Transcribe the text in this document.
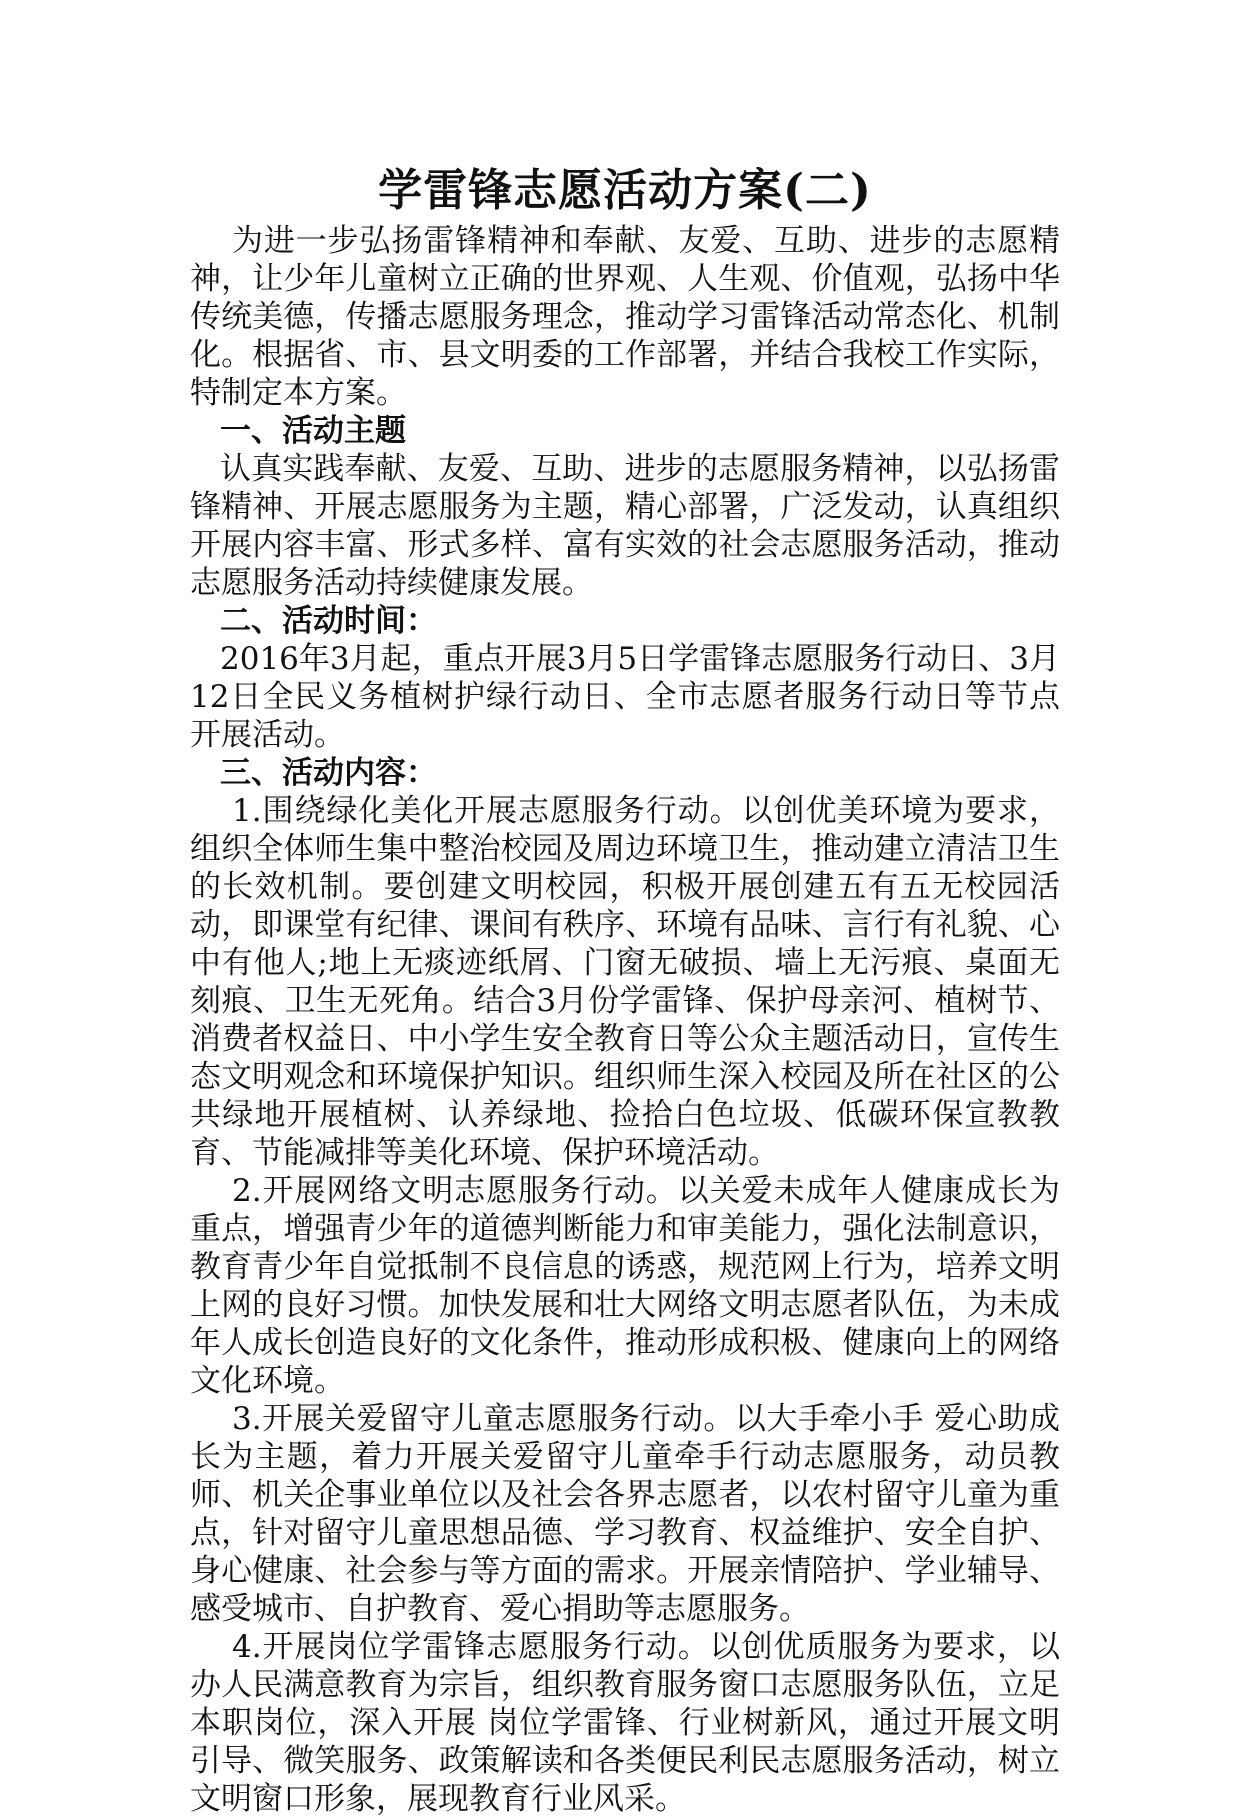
学雷锋志愿活动方案(二)

为进一步弘扬雷锋精神和奉献、友爱、互助、进步的志愿精神，让少年儿童树立正确的世界观、人生观、价值观，弘扬中华传统美德，传播志愿服务理念，推动学习雷锋活动常态化、机制化。根据省、市、县文明委的工作部署，并结合我校工作实际，特制定本方案。

一、活动主题

认真实践奉献、友爱、互助、进步的志愿服务精神，以弘扬雷锋精神、开展志愿服务为主题，精心部署，广泛发动，认真组织开展内容丰富、形式多样、富有实效的社会志愿服务活动，推动志愿服务活动持续健康发展。

二、活动时间：

2016年3月起，重点开展3月5日学雷锋志愿服务行动日、3月12日全民义务植树护绿行动日、全市志愿者服务行动日等节点开展活动。

三、活动内容：

1.围绕绿化美化开展志愿服务行动。以创优美环境为要求，组织全体师生集中整治校园及周边环境卫生，推动建立清洁卫生的长效机制。要创建文明校园，积极开展创建五有五无校园活动，即课堂有纪律、课间有秩序、环境有品味、言行有礼貌、心中有他人;地上无痰迹纸屑、门窗无破损、墙上无污痕、桌面无刻痕、卫生无死角。结合3月份学雷锋、保护母亲河、植树节、消费者权益日、中小学生安全教育日等公众主题活动日，宣传生态文明观念和环境保护知识。组织师生深入校园及所在社区的公共绿地开展植树、认养绿地、捡拾白色垃圾、低碳环保宣教教育、节能减排等美化环境、保护环境活动。

2.开展网络文明志愿服务行动。以关爱未成年人健康成长为重点，增强青少年的道德判断能力和审美能力，强化法制意识，教育青少年自觉抵制不良信息的诱惑，规范网上行为，培养文明上网的良好习惯。加快发展和壮大网络文明志愿者队伍，为未成年人成长创造良好的文化条件，推动形成积极、健康向上的网络文化环境。

3.开展关爱留守儿童志愿服务行动。以大手牵小手 爱心助成长为主题，着力开展关爱留守儿童牵手行动志愿服务，动员教师、机关企事业单位以及社会各界志愿者，以农村留守儿童为重点，针对留守儿童思想品德、学习教育、权益维护、安全自护、身心健康、社会参与等方面的需求。开展亲情陪护、学业辅导、感受城市、自护教育、爱心捐助等志愿服务。

4.开展岗位学雷锋志愿服务行动。以创优质服务为要求，以办人民满意教育为宗旨，组织教育服务窗口志愿服务队伍，立足本职岗位，深入开展 岗位学雷锋、行业树新风，通过开展文明引导、微笑服务、政策解读和各类便民利民志愿服务活动，树立文明窗口形象，展现教育行业风采。
